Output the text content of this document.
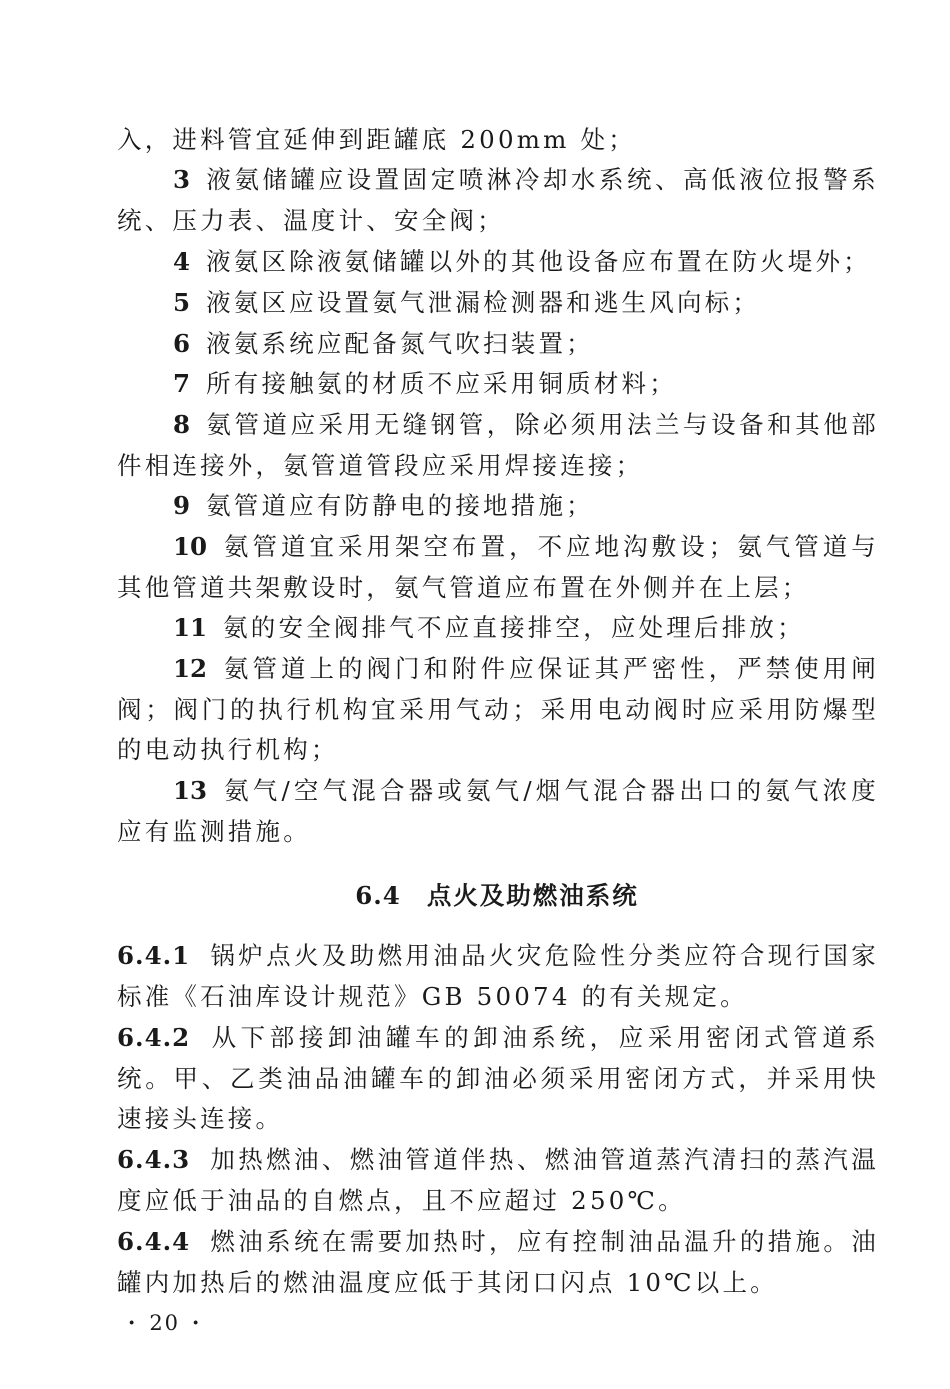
入，进料管宜延伸到距罐底 200mm 处；

3 液氨储罐应设置固定喷淋冷却水系统、高低液位报警系统、压力表、温度计、安全阀；

4 液氨区除液氨储罐以外的其他设备应布置在防火堤外；

5 液氨区应设置氨气泄漏检测器和逃生风向标；

6 液氨系统应配备氮气吹扫装置；

7 所有接触氨的材质不应采用铜质材料；

8 氨管道应采用无缝钢管，除必须用法兰与设备和其他部件相连接外，氨管道管段应采用焊接连接；

9 氨管道应有防静电的接地措施；

10 氨管道宜采用架空布置，不应地沟敷设；氨气管道与其他管道共架敷设时，氨气管道应布置在外侧并在上层；

11 氨的安全阀排气不应直接排空，应处理后排放；

12 氨管道上的阀门和附件应保证其严密性，严禁使用闸阀；阀门的执行机构宜采用气动；采用电动阀时应采用防爆型的电动执行机构；

13 氨气/空气混合器或氨气/烟气混合器出口的氨气浓度应有监测措施。

6.4 点火及助燃油系统

6.4.1 锅炉点火及助燃用油品火灾危险性分类应符合现行国家标准《石油库设计规范》GB 50074 的有关规定。

6.4.2 从下部接卸油罐车的卸油系统，应采用密闭式管道系统。甲、乙类油品油罐车的卸油必须采用密闭方式，并采用快速接头连接。

6.4.3 加热燃油、燃油管道伴热、燃油管道蒸汽清扫的蒸汽温度应低于油品的自燃点，且不应超过 250℃。

6.4.4 燃油系统在需要加热时，应有控制油品温升的措施。油罐内加热后的燃油温度应低于其闭口闪点 10℃以上。

· 20 ·
